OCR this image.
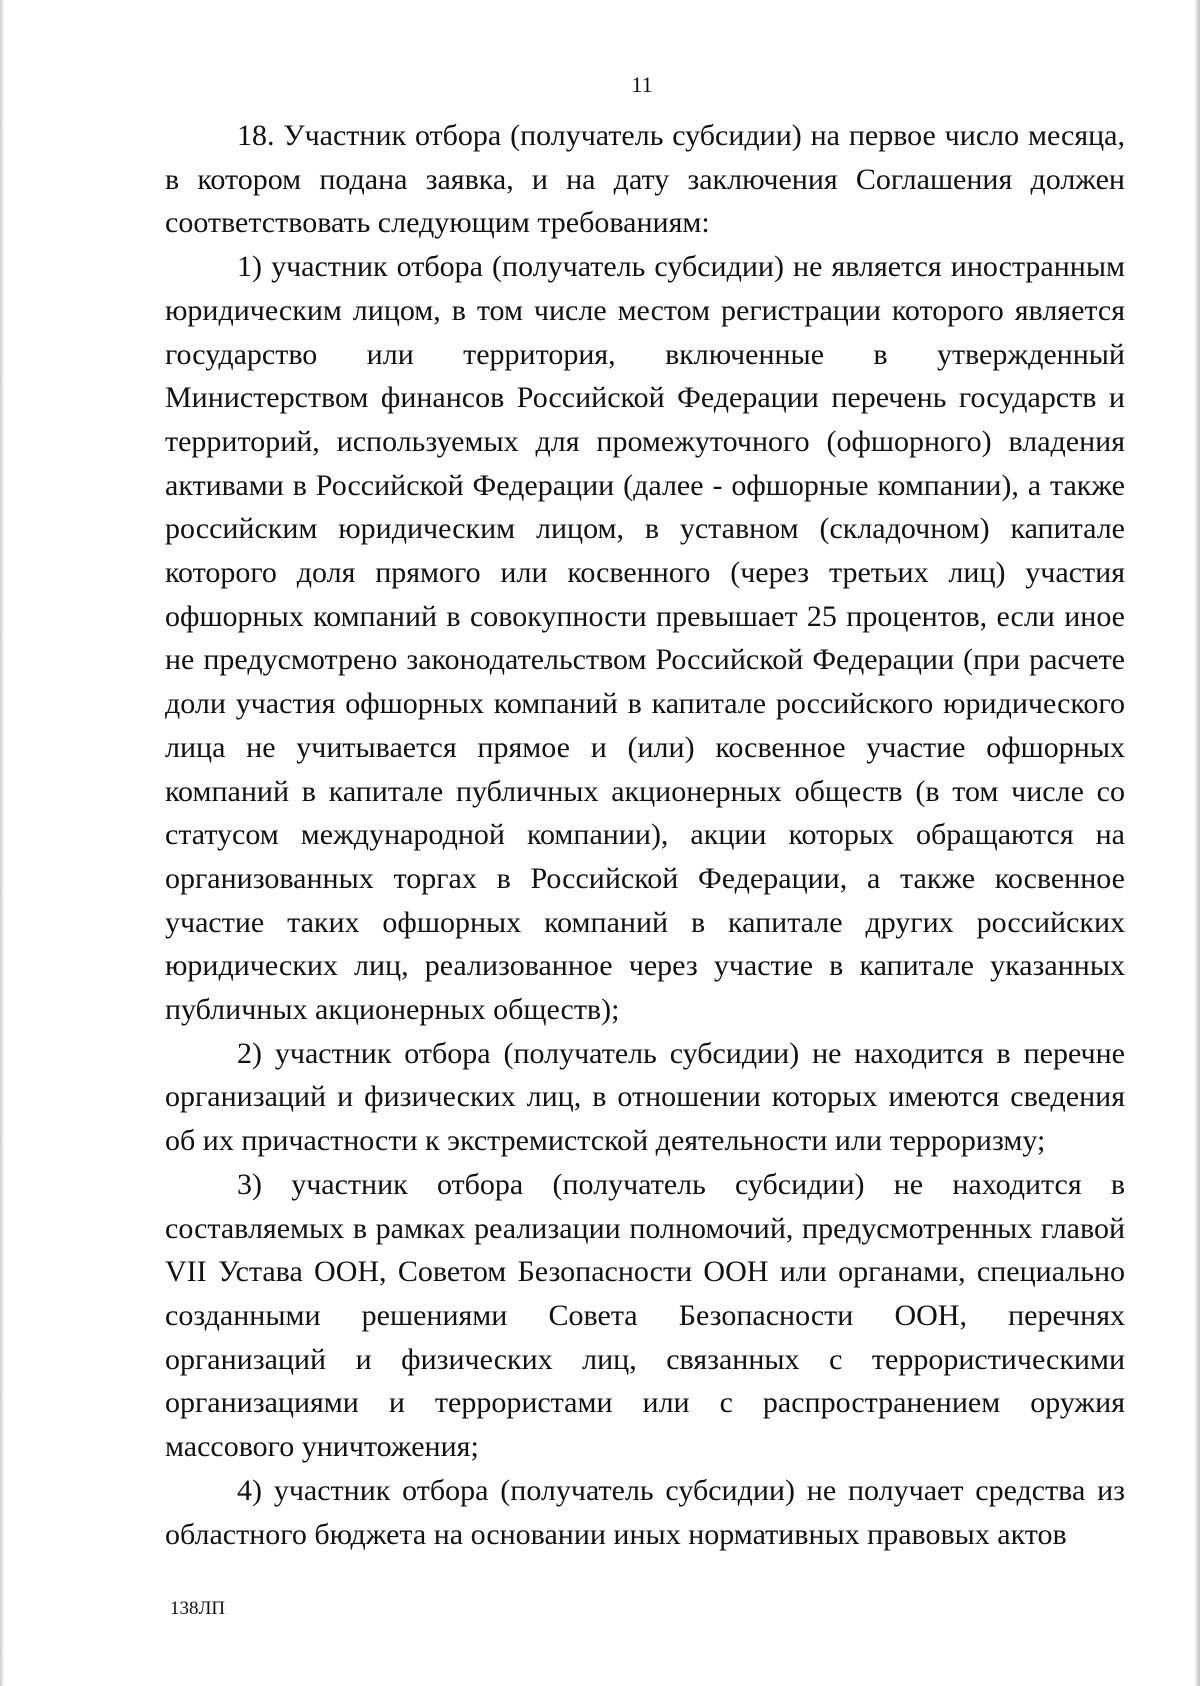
11

18. Участник отбора (получатель субсидии) на первое число месяца, в котором подана заявка, и на дату заключения Соглашения должен соответствовать следующим требованиям:

1) участник отбора (получатель субсидии) не является иностранным юридическим лицом, в том числе местом регистрации которого является государство или территория, включенные в утвержденный Министерством финансов Российской Федерации перечень государств и территорий, используемых для промежуточного (офшорного) владения активами в Российской Федерации (далее - офшорные компании), а также российским юридическим лицом, в уставном (складочном) капитале которого доля прямого или косвенного (через третьих лиц) участия офшорных компаний в совокупности превышает 25 процентов, если иное не предусмотрено законодательством Российской Федерации (при расчете доли участия офшорных компаний в капитале российского юридического лица не учитывается прямое и (или) косвенное участие офшорных компаний в капитале публичных акционерных обществ (в том числе со статусом международной компании), акции которых обращаются на организованных торгах в Российской Федерации, а также косвенное участие таких офшорных компаний в капитале других российских юридических лиц, реализованное через участие в капитале указанных публичных акционерных обществ);

2) участник отбора (получатель субсидии) не находится в перечне организаций и физических лиц, в отношении которых имеются сведения об их причастности к экстремистской деятельности или терроризму;

3) участник отбора (получатель субсидии) не находится в составляемых в рамках реализации полномочий, предусмотренных главой VII Устава ООН, Советом Безопасности ООН или органами, специально созданными решениями Совета Безопасности ООН, перечнях организаций и физических лиц, связанных с террористическими организациями и террористами или с распространением оружия массового уничтожения;

4) участник отбора (получатель субсидии) не получает средства из областного бюджета на основании иных нормативных правовых актов

138ЛП
